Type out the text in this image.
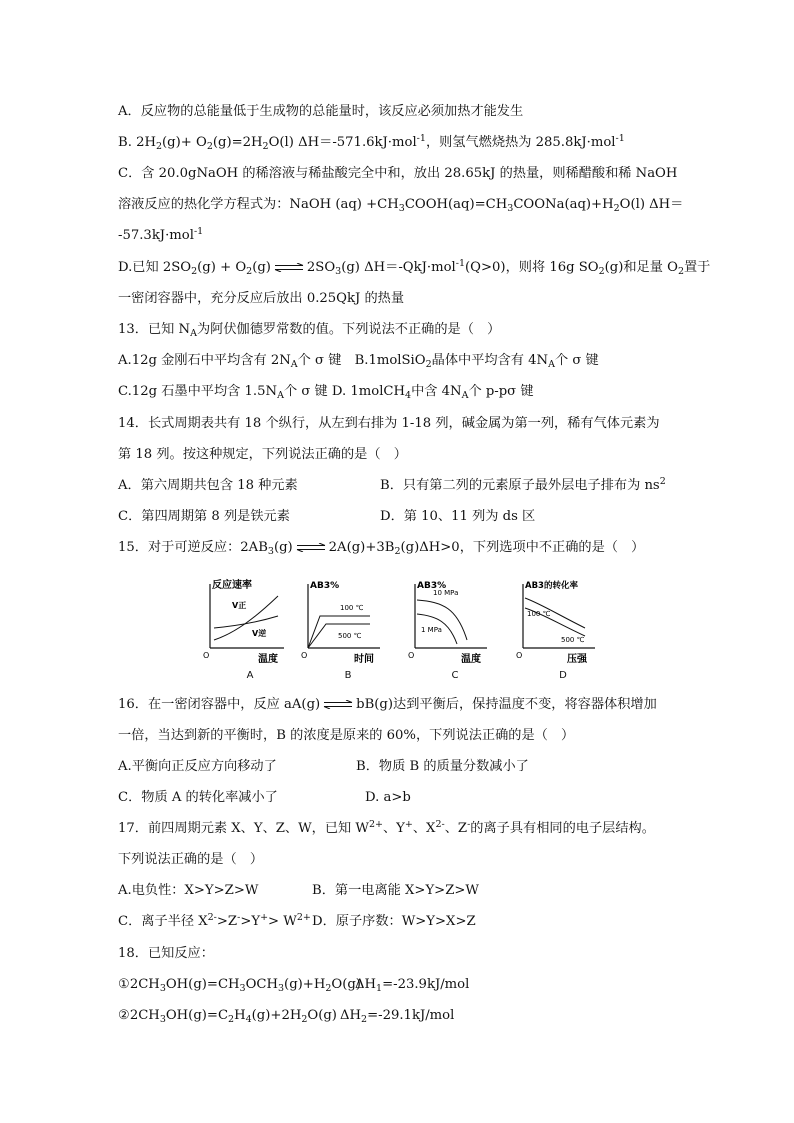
A．反应物的总能量低于生成物的总能量时，该反应必须加热才能发生
B. $2H_2(g)+ O_2(g)=2H_2O(l)$ ΔH＝-571.6kJ·mol$^{-1}$，则氢气燃烧热为 285.8kJ·mol$^{-1}$
C．含 20.0gNaOH 的稀溶液与稀盐酸完全中和，放出 28.65kJ 的热量，则稀醋酸和稀 NaOH
溶液反应的热化学方程式为：NaOH $(aq) +CH_3COOH(aq)=CH_3COONa(aq)+H_2O(l)$ ΔH＝
-57.3kJ·mol$^{-1}$
D.已知 $2SO_2(g) + O_2(g)$	$2SO_3(g)$ ΔH＝-QkJ·mol$^{-1}$(Q>0)，则将 16g $SO_2(g)$和足量 $O_2$置于
一密闭容器中，充分反应后放出 0.25QkJ 的热量
13．已知 $N_A$为阿伏伽德罗常数的值。下列说法不正确的是（　）
A.12g 金刚石中平均含有 $2N_A$个 σ 键　B.1molSiO$_2$晶体中平均含有 $4N_A$个 σ 键
C.12g 石墨中平均含 $1.5N_A$个 σ 键 D. 1molCH$_4$中含 $4N_A$个 p-pσ 键
14．长式周期表共有 18 个纵行，从左到右排为 1-18 列，碱金属为第一列，稀有气体元素为
第 18 列。按这种规定，下列说法正确的是（　）
A．第六周期共包含 18 种元素	B．只有第二列的元素原子最外层电子排布为 $ns^2$
C．第四周期第 8 列是铁元素	D．第 10、11 列为 ds 区
15．对于可逆反应：$2AB_3(g)$	$2A(g)+3B_2(g)\Delta H>0$，下列选项中不正确的是（　）
反应速率
O	温度
V正
V逆
A
AB3%
O	时间
100 ℃
500 ℃
B
AB3%
O	温度
10 MPa
1 MPa
C
AB3的转化率
O	压强
100 ℃
500 ℃
D
16．在一密闭容器中，反应 aA(g)	bB(g)达到平衡后，保持温度不变，将容器体积增加
一倍，当达到新的平衡时，B 的浓度是原来的 60%，下列说法正确的是（　）
A.平衡向正反应方向移动了	B．物质 B 的质量分数减小了
C．物质 A 的转化率减小了	D. a>b
17．前四周期元素 X、Y、Z、W，已知 $W^{2+}$、Y+、$X^{2-}$、Z-的离子具有相同的电子层结构。
下列说法正确的是（　）
A.电负性：X>Y>Z>W	B．第一电离能 X>Y>Z>W
C．离子半径 $X^{2-}>Z^->Y^+> W^{2+}$ D．原子序数：W>Y>X>Z
18．已知反应：
$①2CH_3OH(g)=CH_3OCH_3(g)+H_2O(g)$
$\Delta H_1=-23.9kJ$/mol
$②2CH_3OH(g)=C_2H_4(g)+2H_2O(g)$ $\Delta H_2=-29.1kJ$/mol
